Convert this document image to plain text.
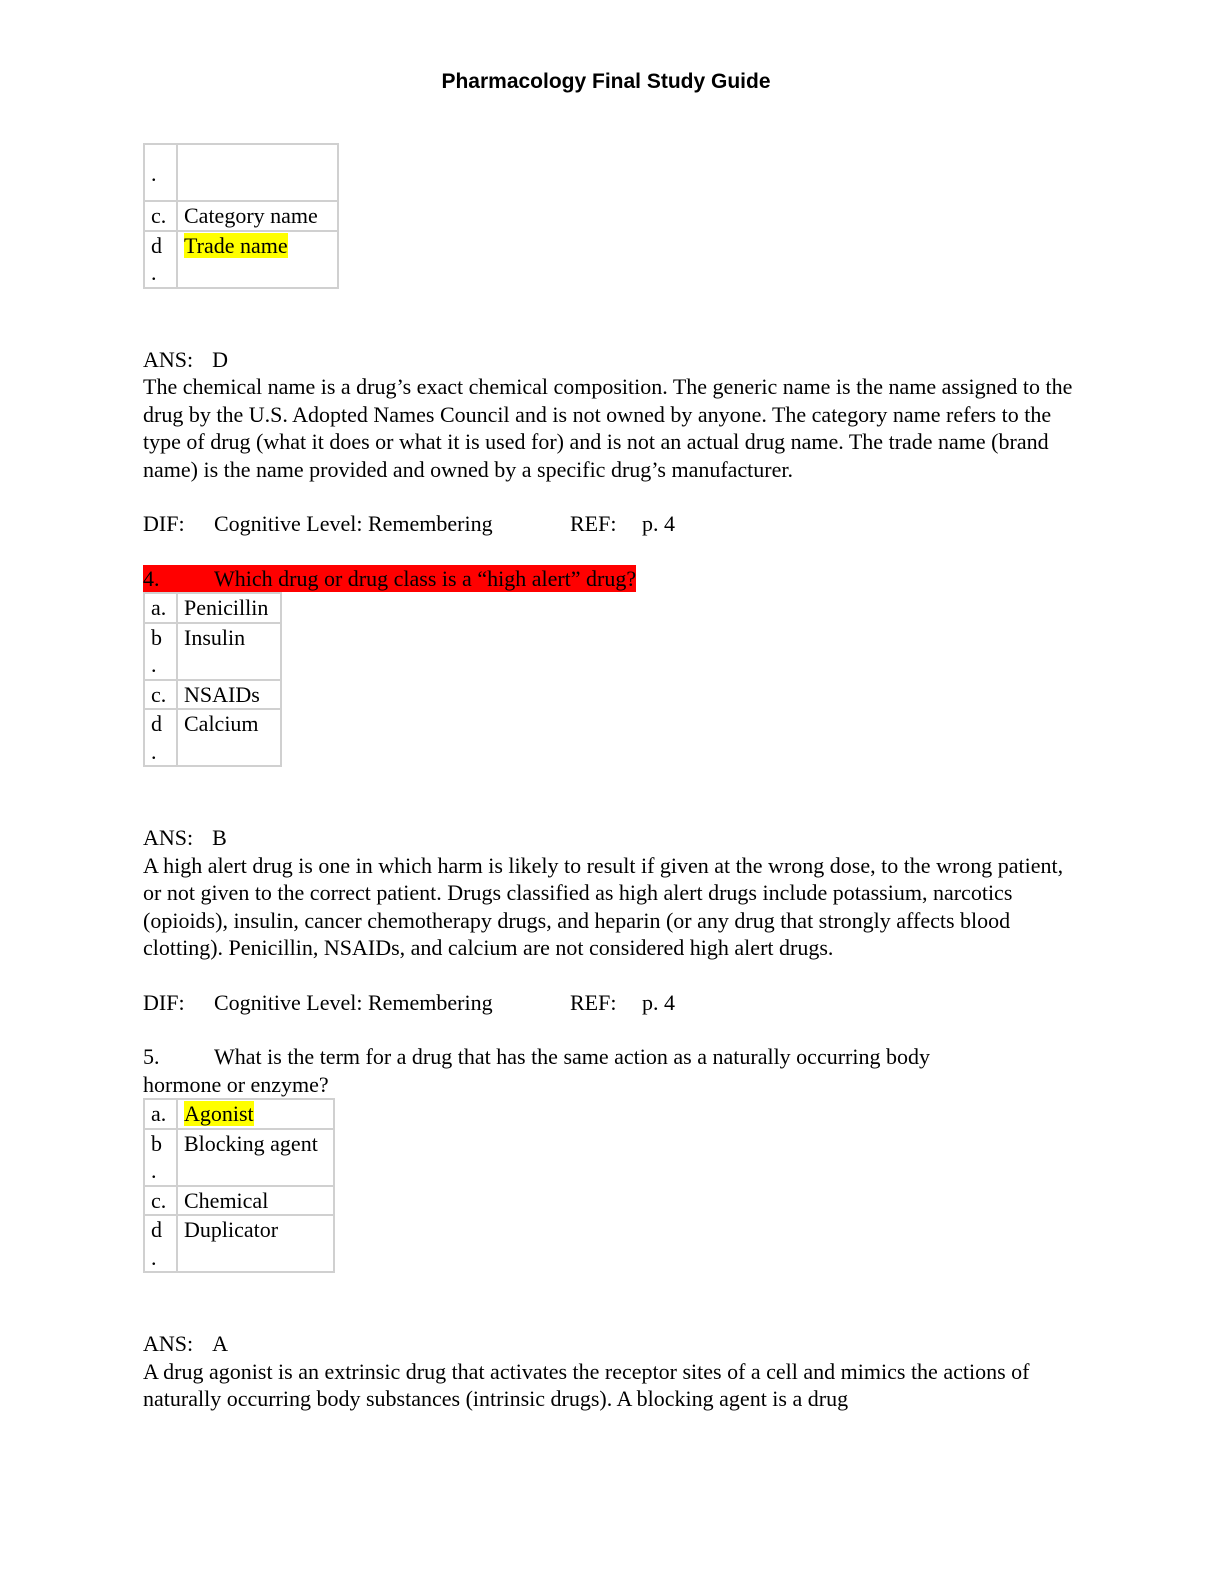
Pharmacology Final Study Guide

.	
c.	Category name
d
.	Trade name

ANS: D

The chemical name is a drug’s exact chemical composition. The generic name is the name assigned to the drug by the U.S. Adopted Names Council and is not owned by anyone. The category name refers to the type of drug (what it does or what it is used for) and is not an actual drug name. The trade name (brand name) is the name provided and owned by a specific drug’s manufacturer.

DIF: Cognitive Level: Remembering	REF: p. 4

4. Which drug or drug class is a “high alert” drug?

a.	Penicillin
b
.	Insulin
c.	NSAIDs
d
.	Calcium

ANS: B

A high alert drug is one in which harm is likely to result if given at the wrong dose, to the wrong patient, or not given to the correct patient. Drugs classified as high alert drugs include potassium, narcotics (opioids), insulin, cancer chemotherapy drugs, and heparin (or any drug that strongly affects blood clotting). Penicillin, NSAIDs, and calcium are not considered high alert drugs.

DIF: Cognitive Level: Remembering	REF: p. 4

5. What is the term for a drug that has the same action as a naturally occurring body

hormone or enzyme?

a.	Agonist
b
.	Blocking agent
c.	Chemical
d
.	Duplicator

ANS: A

A drug agonist is an extrinsic drug that activates the receptor sites of a cell and mimics the actions of naturally occurring body substances (intrinsic drugs). A blocking agent is a drug
